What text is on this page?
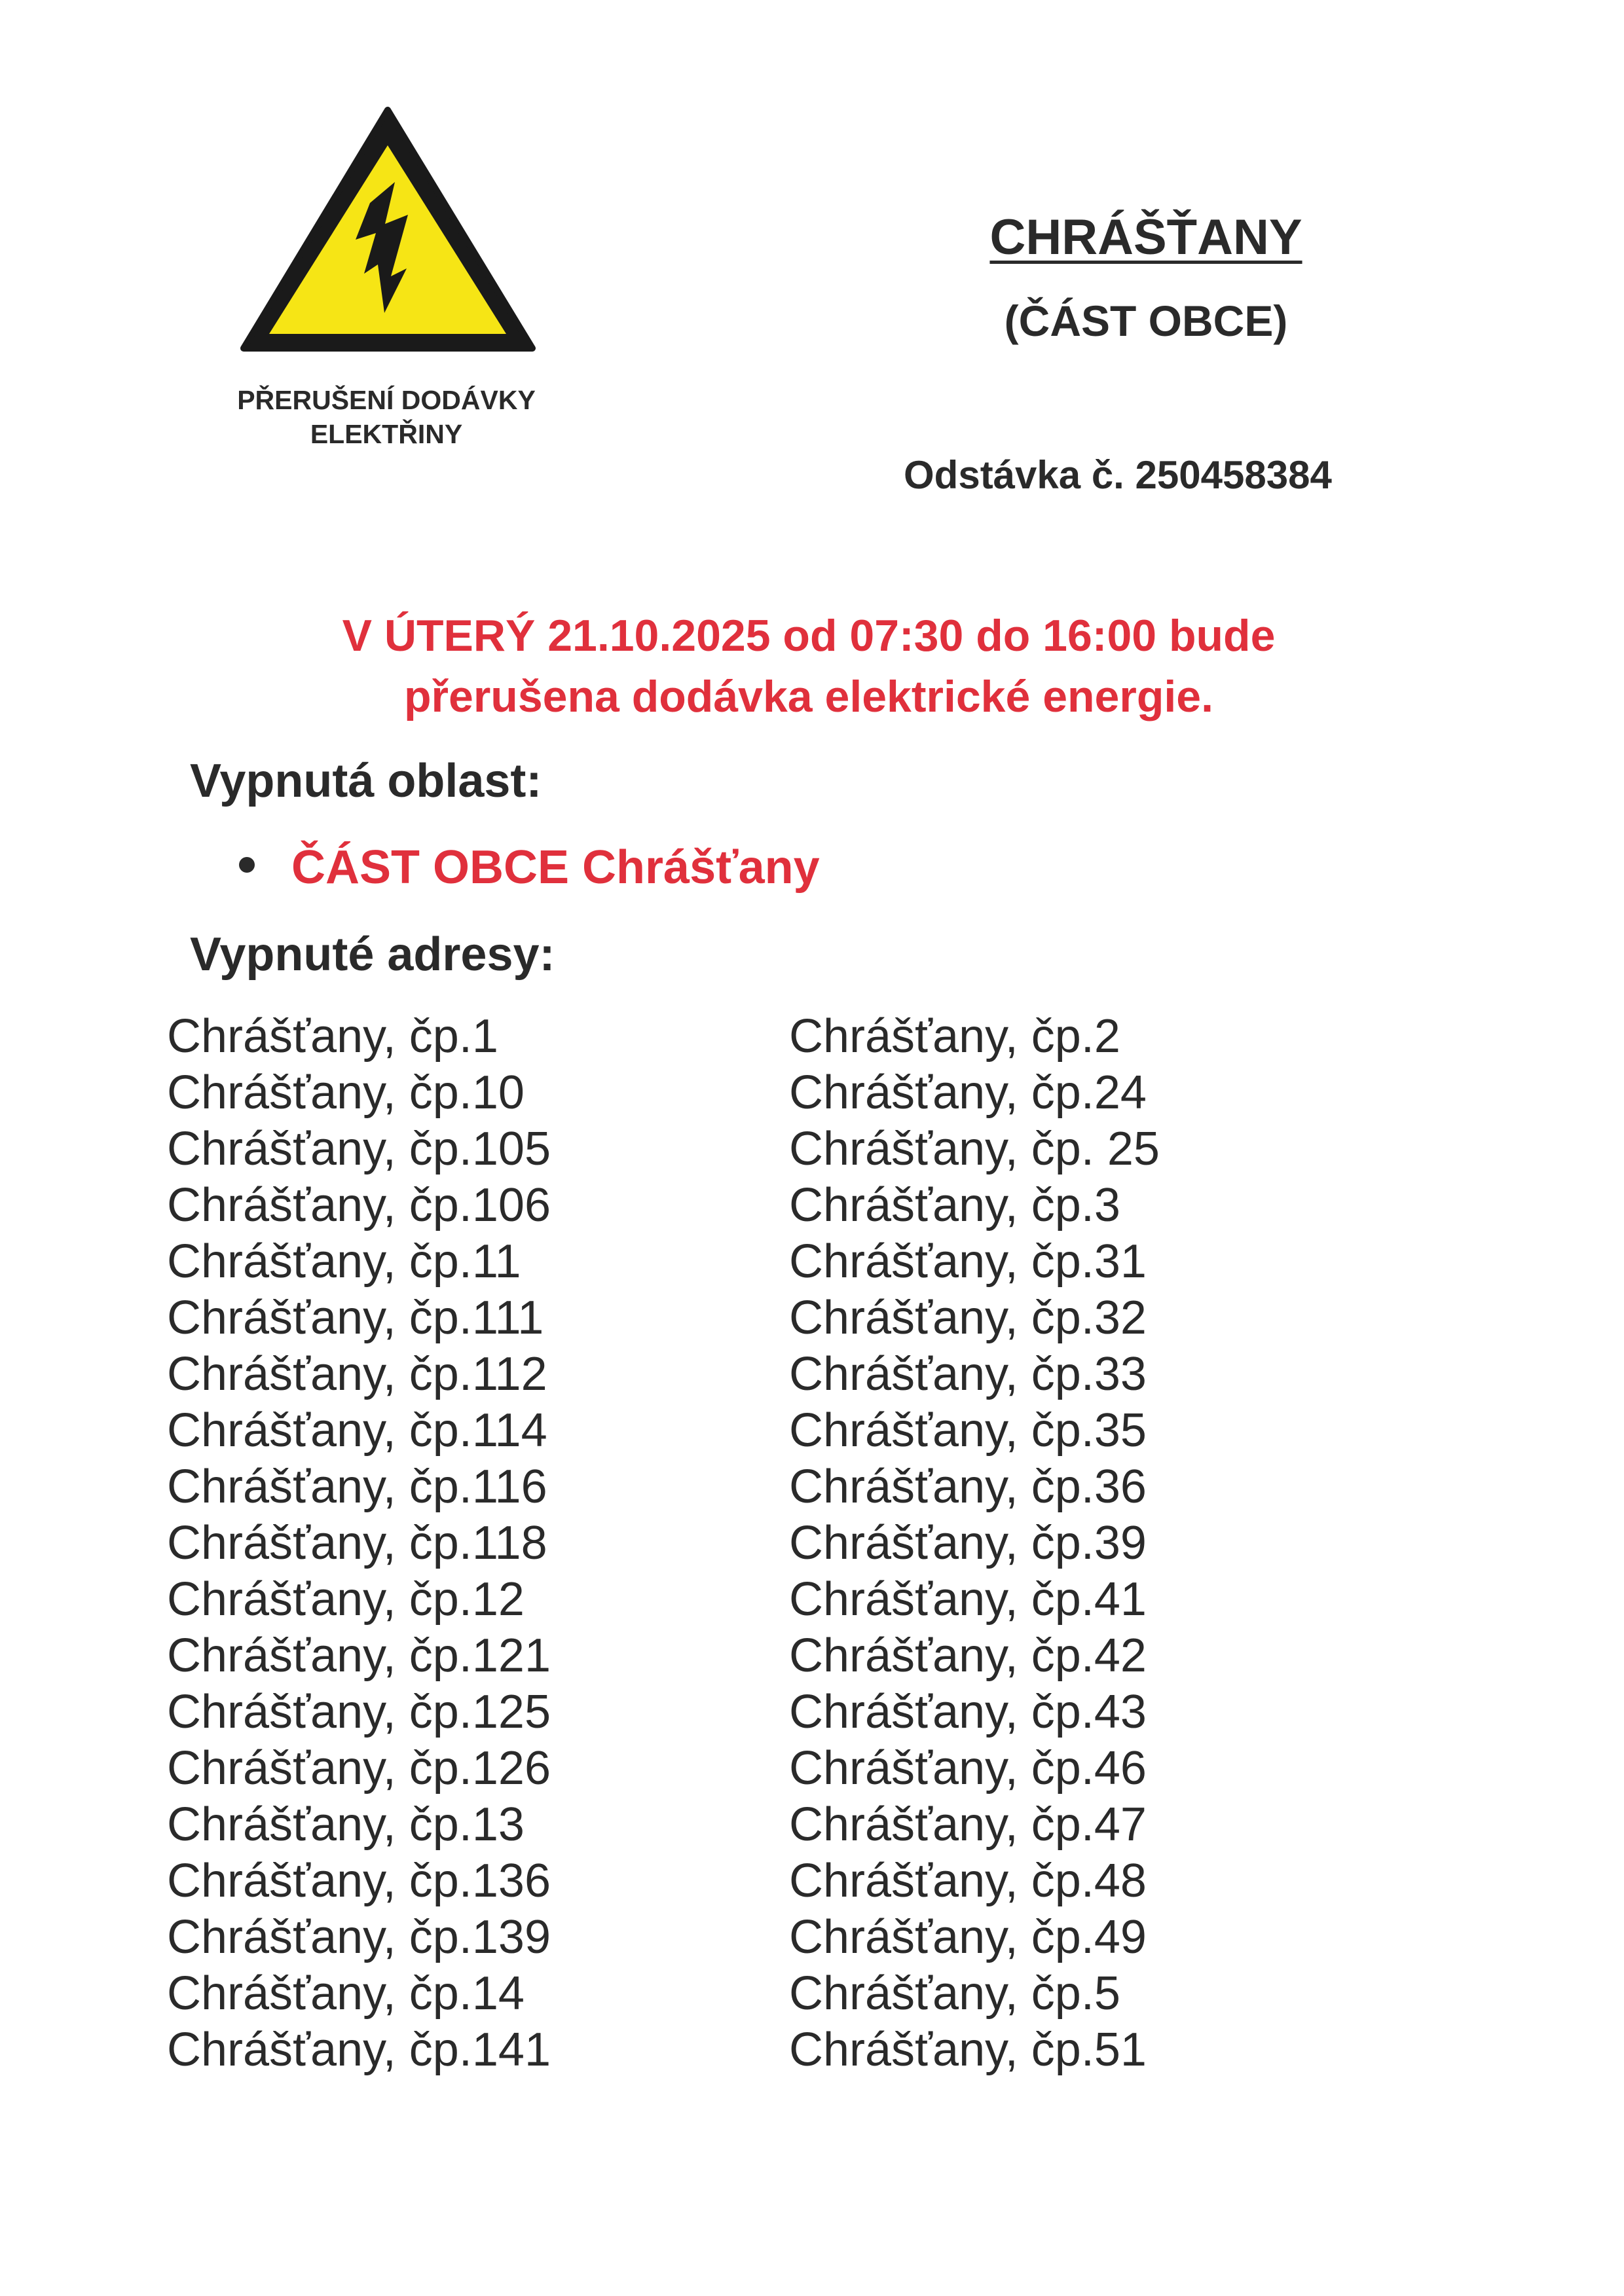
PŘERUŠENÍ DODÁVKY
ELEKTŘINY
CHRÁŠŤANY
(ČÁST OBCE)
Odstávka č. 250458384
V ÚTERÝ 21.10.2025 od 07:30 do 16:00 bude
přerušena dodávka elektrické energie.
Vypnutá oblast:
ČÁST OBCE Chrášťany
Vypnuté adresy:
Chrášťany, čp.1
Chrášťany, čp.10
Chrášťany, čp.105
Chrášťany, čp.106
Chrášťany, čp.11
Chrášťany, čp.111
Chrášťany, čp.112
Chrášťany, čp.114
Chrášťany, čp.116
Chrášťany, čp.118
Chrášťany, čp.12
Chrášťany, čp.121
Chrášťany, čp.125
Chrášťany, čp.126
Chrášťany, čp.13
Chrášťany, čp.136
Chrášťany, čp.139
Chrášťany, čp.14
Chrášťany, čp.141
Chrášťany, čp.2
Chrášťany, čp.24
Chrášťany, čp. 25
Chrášťany, čp.3
Chrášťany, čp.31
Chrášťany, čp.32
Chrášťany, čp.33
Chrášťany, čp.35
Chrášťany, čp.36
Chrášťany, čp.39
Chrášťany, čp.41
Chrášťany, čp.42
Chrášťany, čp.43
Chrášťany, čp.46
Chrášťany, čp.47
Chrášťany, čp.48
Chrášťany, čp.49
Chrášťany, čp.5
Chrášťany, čp.51
